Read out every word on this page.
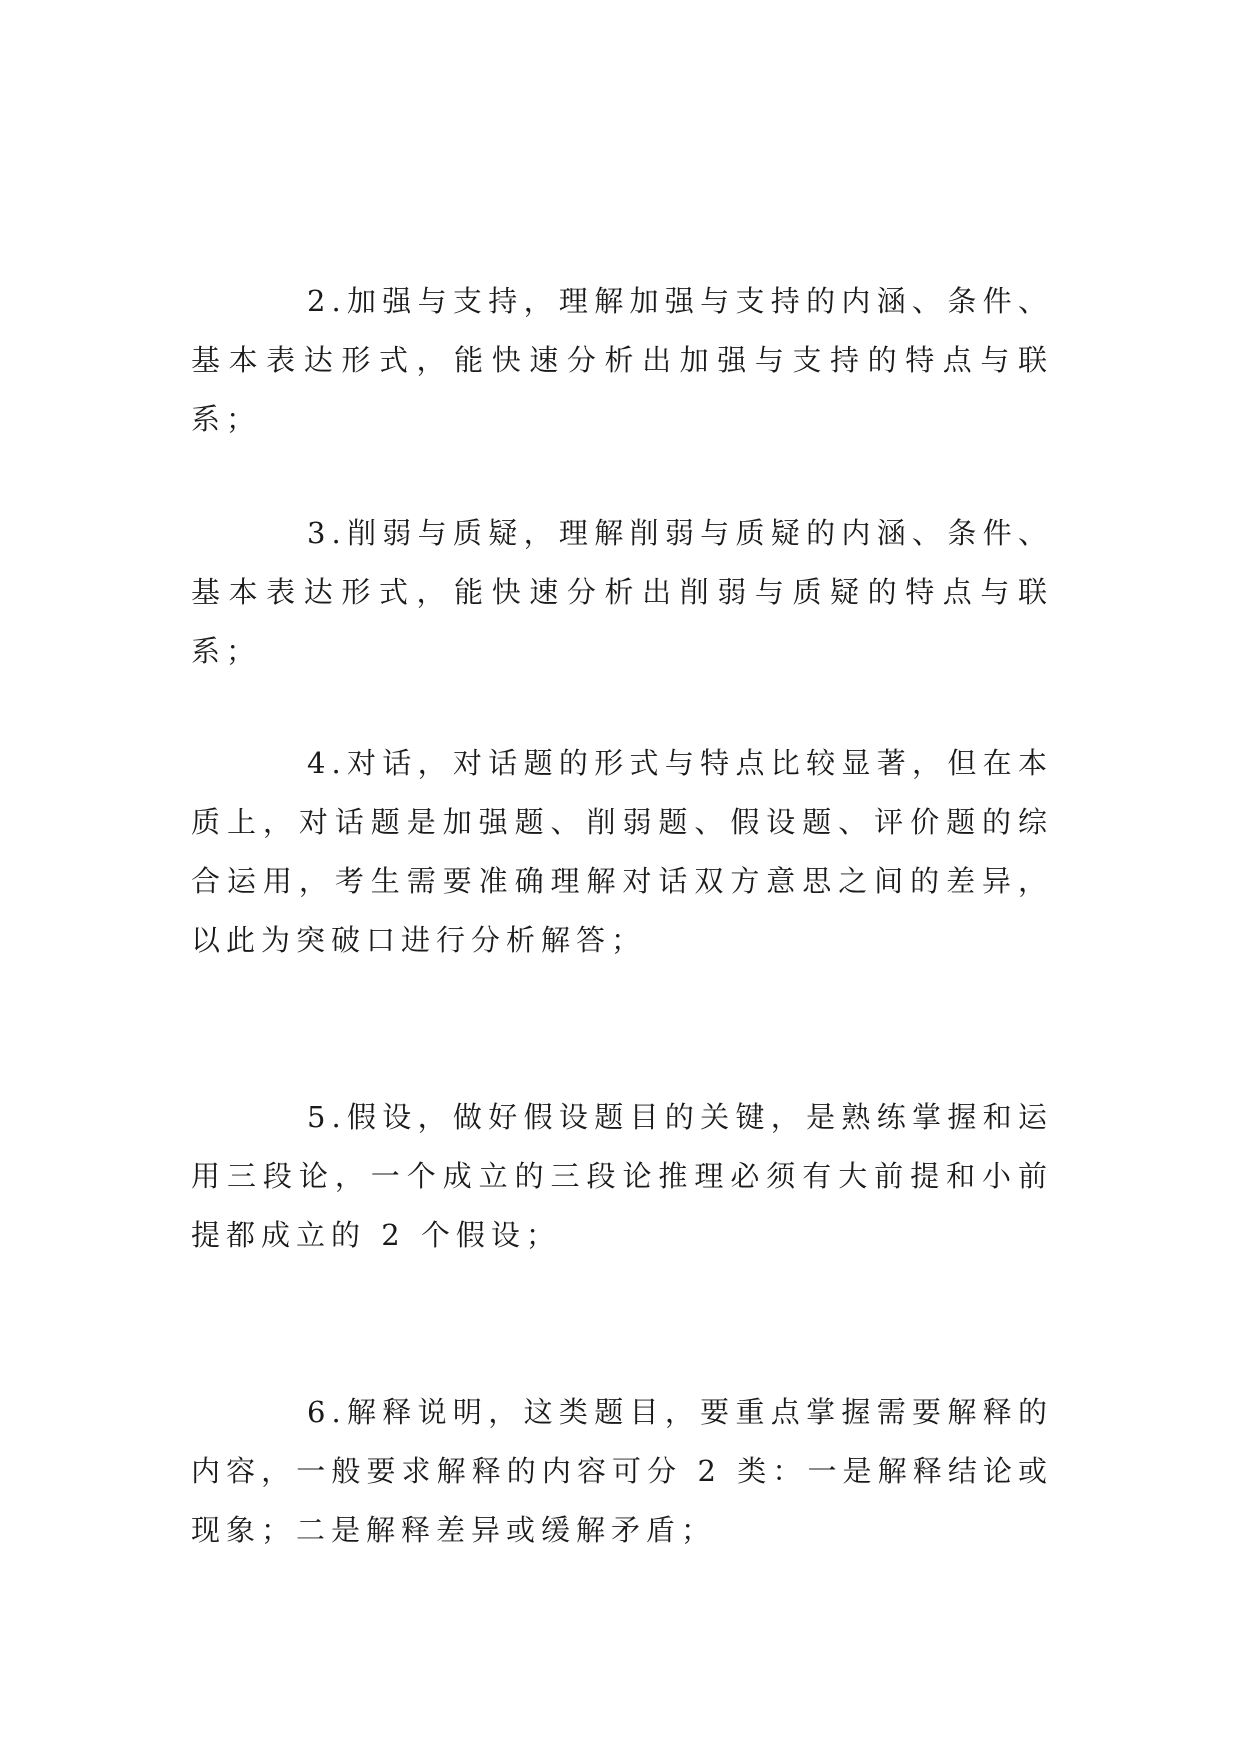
2.加强与支持，理解加强与支持的内涵、条件、基本表达形式，能快速分析出加强与支持的特点与联系；

3.削弱与质疑，理解削弱与质疑的内涵、条件、基本表达形式，能快速分析出削弱与质疑的特点与联系；

4.对话，对话题的形式与特点比较显著，但在本质上，对话题是加强题、削弱题、假设题、评价题的综合运用，考生需要准确理解对话双方意思之间的差异，以此为突破口进行分析解答；

5.假设，做好假设题目的关键，是熟练掌握和运用三段论，一个成立的三段论推理必须有大前提和小前提都成立的 2 个假设；

6.解释说明，这类题目，要重点掌握需要解释的内容，一般要求解释的内容可分 2 类：一是解释结论或现象；二是解释差异或缓解矛盾；
